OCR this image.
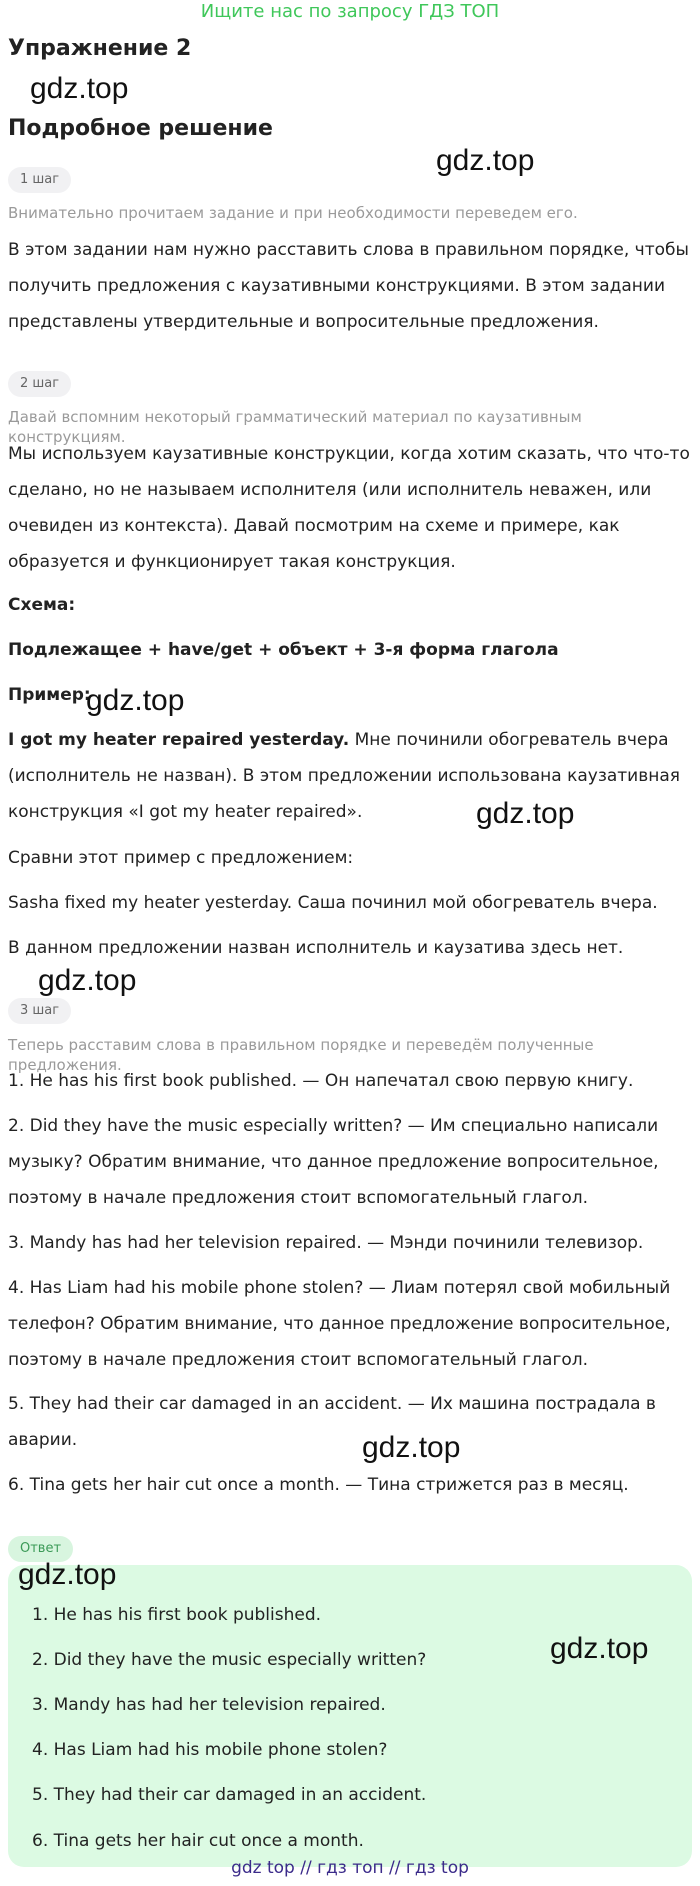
Ищите нас по запросу ГДЗ ТОП
Упражнение 2
gdz.top
Подробное решение
gdz.top
1 шаг
Внимательно прочитаем задание и при необходимости переведем его.
В этом задании нам нужно расставить слова в правильном порядке, чтобы получить предложения с каузативными конструкциями. В этом задании представлены утвердительные и вопросительные предложения.
2 шаг
Давай вспомним некоторый грамматический материал по каузативным конструкциям.
Мы используем каузативные конструкции, когда хотим сказать, что что-то сделано, но не называем исполнителя (или исполнитель неважен, или очевиден из контекста). Давай посмотрим на схеме и примере, как образуется и функционирует такая конструкция.
Схема:
Подлежащее + have/get + объект + 3-я форма глагола
Пример:
gdz.top
I got my heater repaired yesterday. Мне починили обогреватель вчера (исполнитель не назван). В этом предложении использована каузативная конструкция «I got my heater repaired».	gdz.top
Сравни этот пример с предложением:
Sasha fixed my heater yesterday. Саша починил мой обогреватель вчера.
В данном предложении назван исполнитель и каузатива здесь нет.
gdz.top
3 шаг
Теперь расставим слова в правильном порядке и переведём полученные предложения.
1. He has his first book published. — Он напечатал свою первую книгу.
2. Did they have the music especially written? — Им специально написали музыку? Обратим внимание, что данное предложение вопросительное, поэтому в начале предложения стоит вспомогательный глагол.
3. Mandy has had her television repaired. — Мэнди починили телевизор.
4. Has Liam had his mobile phone stolen? — Лиам потерял свой мобильный телефон? Обратим внимание, что данное предложение вопросительное, поэтому в начале предложения стоит вспомогательный глагол.
5. They had their car damaged in an accident. — Их машина пострадала в аварии.	gdz.top
6. Tina gets her hair cut once a month. — Тина стрижется раз в месяц.
Ответ
1. He has his first book published.
2. Did they have the music especially written?
3. Mandy has had her television repaired.
4. Has Liam had his mobile phone stolen?
5. They had their car damaged in an accident.
6. Tina gets her hair cut once a month.
gdz.top
gdz.top
gdz top // гдз топ // гдз top
